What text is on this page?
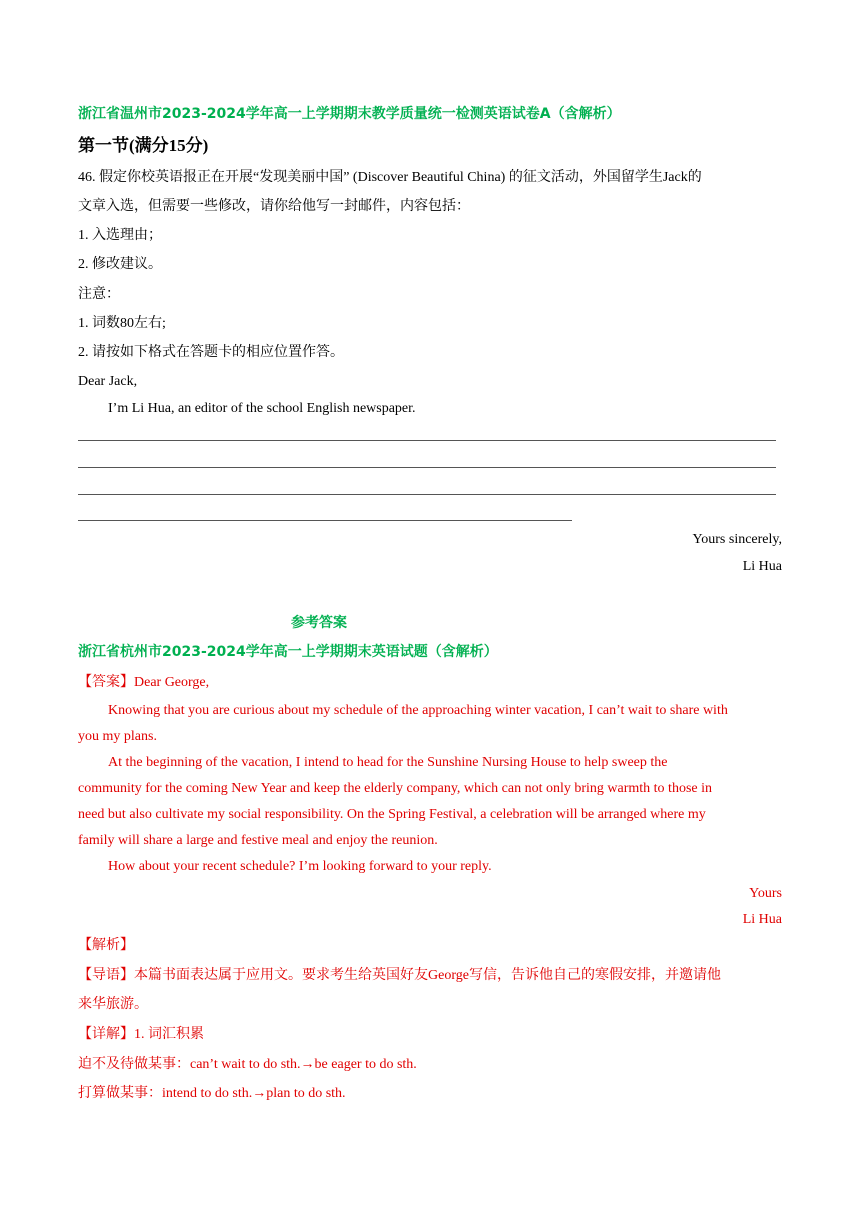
浙江省温州市2023-2024学年高一上学期期末教学质量统一检测英语试卷A（含解析）
第一节(满分15分)
46. 假定你校英语报正在开展“发现美丽中国” (Discover Beautiful China) 的征文活动，外国留学生Jack的
文章入选，但需要一些修改，请你给他写一封邮件，内容包括：
1. 入选理由；
2. 修改建议。
注意：
1. 词数80左右;
2. 请按如下格式在答题卡的相应位置作答。
Dear Jack,
I’m Li Hua, an editor of the school English newspaper.
Yours sincerely,
Li Hua
参考答案
浙江省杭州市2023-2024学年高一上学期期末英语试题（含解析）
【答案】Dear George,
Knowing that you are curious about my schedule of the approaching winter vacation, I can’t wait to share with
you my plans.
At the beginning of the vacation, I intend to head for the Sunshine Nursing House to help sweep the
community for the coming New Year and keep the elderly company, which can not only bring warmth to those in
need but also cultivate my social responsibility. On the Spring Festival, a celebration will be arranged where my
family will share a large and festive meal and enjoy the reunion.
How about your recent schedule? I’m looking forward to your reply.
Yours
Li Hua
【解析】
【导语】本篇书面表达属于应用文。要求考生给英国好友George写信，告诉他自己的寒假安排，并邀请他
来华旅游。
【详解】1. 词汇积累
迫不及待做某事：can’t wait to do sth.→be eager to do sth.
打算做某事：intend to do sth.→plan to do sth.
